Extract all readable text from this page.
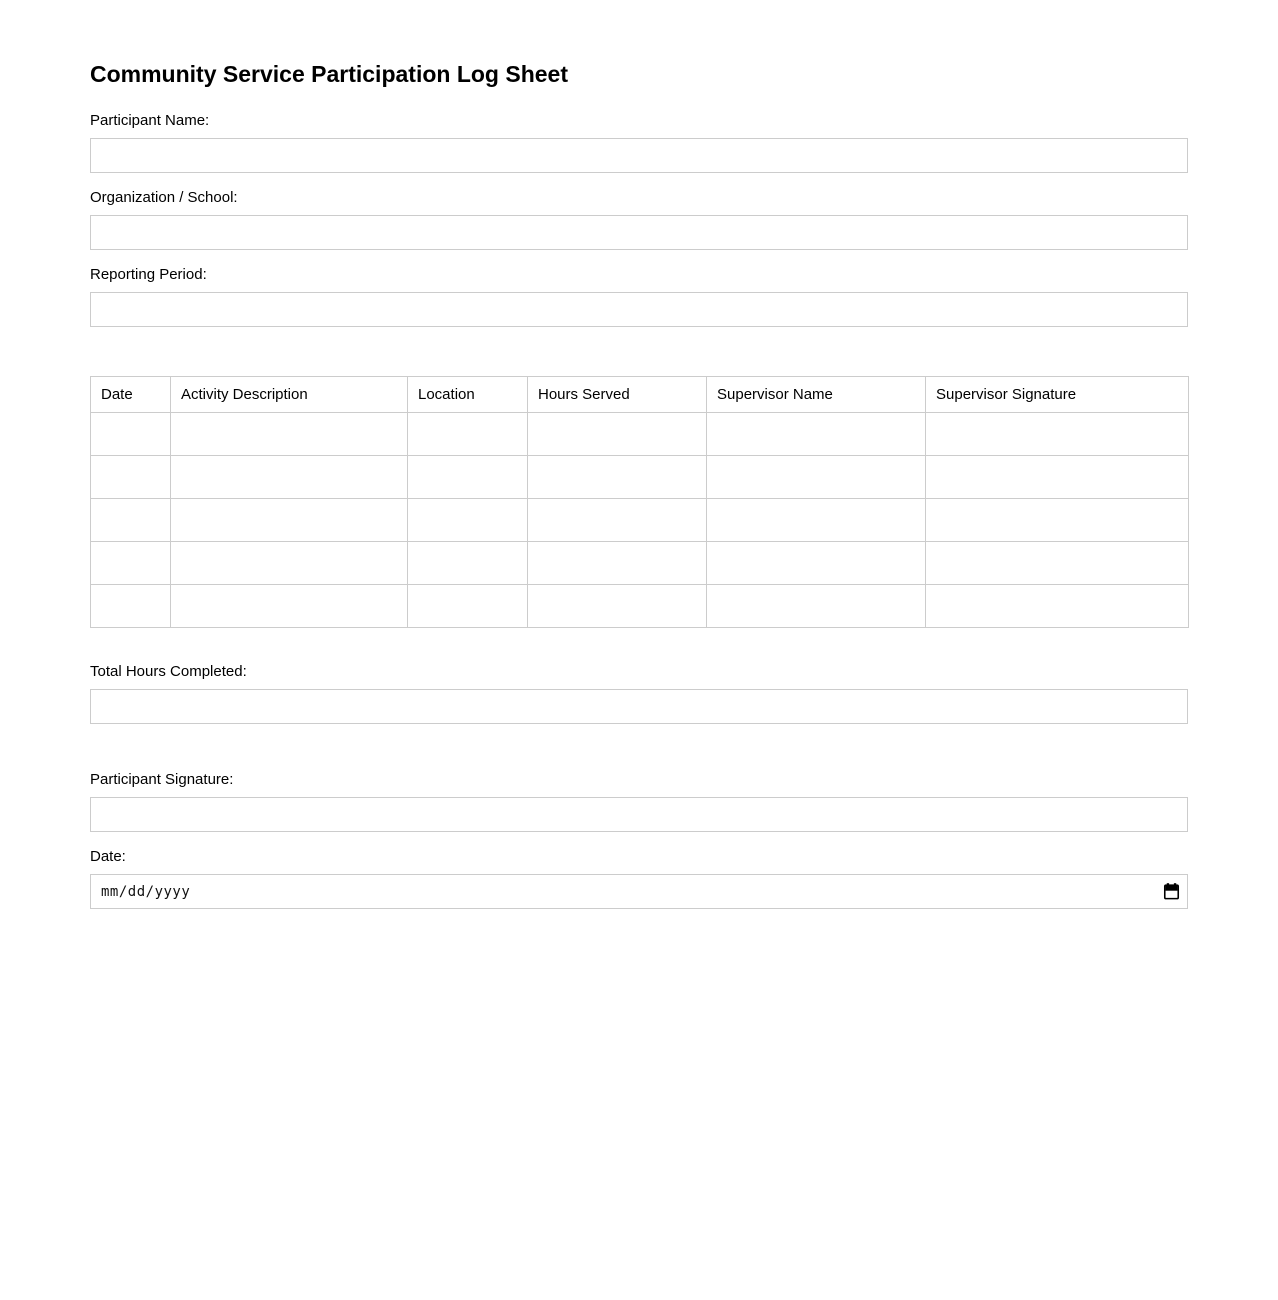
Community Service Participation Log Sheet
Participant Name:
Organization / School:
Reporting Period:
Date	Activity Description	Location	Hours Served	Supervisor Name	Supervisor Signature

Total Hours Completed:
Participant Signature:
Date:
mm/dd/yyyy
